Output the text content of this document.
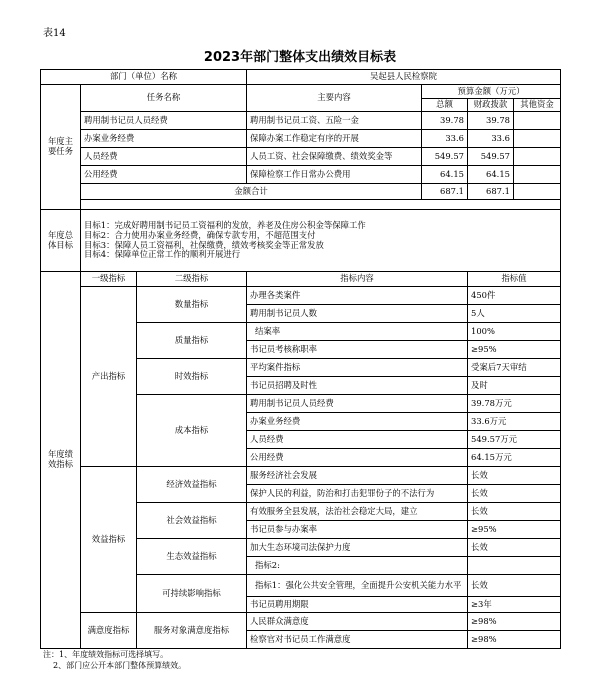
表14
2023年部门整体支出绩效目标表
部门（单位）名称			吴起县人民检察院			
年度主要任务	任务名称		主要内容	预算金额（万元）		
				总额	财政拨款	其他资金
	聘用制书记员人员经费		聘用制书记员工资、五险一金	39.78	39.78	
	办案业务经费		保障办案工作稳定有序的开展	33.6	33.6	
	人员经费		人员工资、社会保障缴费、绩效奖金等	549.57	549.57	
	公用经费		保障检察工作日常办公费用	64.15	64.15	
	金额合计			687.1	687.1	

年度总体目标	目标1：完成好聘用制书记员工资福利的发放，养老及住房公积金等保障工作
目标2：合力使用办案业务经费，确保专款专用，不超范围支付
目标3：保障人员工资福利，社保缴费，绩效考核奖金等正常发放
目标4：保障单位正常工作的顺利开展进行					

年度绩效指标	一级指标	二级指标	指标内容		指标值	
	产出指标	数量指标	办理各类案件		450件	
			聘用制书记员人数		5人	
		质量指标	结案率		100%	
			书记员考核称职率		≥95%	
		时效指标	平均案件指标		受案后7天审结	
			书记员招聘及时性		及时	
		成本指标	聘用制书记员人员经费		39.78万元	
			办案业务经费		33.6万元	
			人员经费		549.57万元	
			公用经费		64.15万元	
	效益指标	经济效益指标	服务经济社会发展		长效	
			保护人民的利益，防治和打击犯罪份子的不法行为		长效	
		社会效益指标	有效服务全县发展，法治社会稳定大局，建立		长效	
			书记员参与办案率		≥95%	
		生态效益指标	加大生态环境司法保护力度		长效	
			指标2:			
		可持续影响指标	指标1：强化公共安全管理，全面提升公安机关能力水平		长效	
			书记员聘用期限		≥3年	
	满意度指标	服务对象满意度指标	人民群众满意度		≥98%	
			检察官对书记员工作满意度		≥98%	
注：1、年度绩效指标可选择填写。
2、部门应公开本部门整体预算绩效。
